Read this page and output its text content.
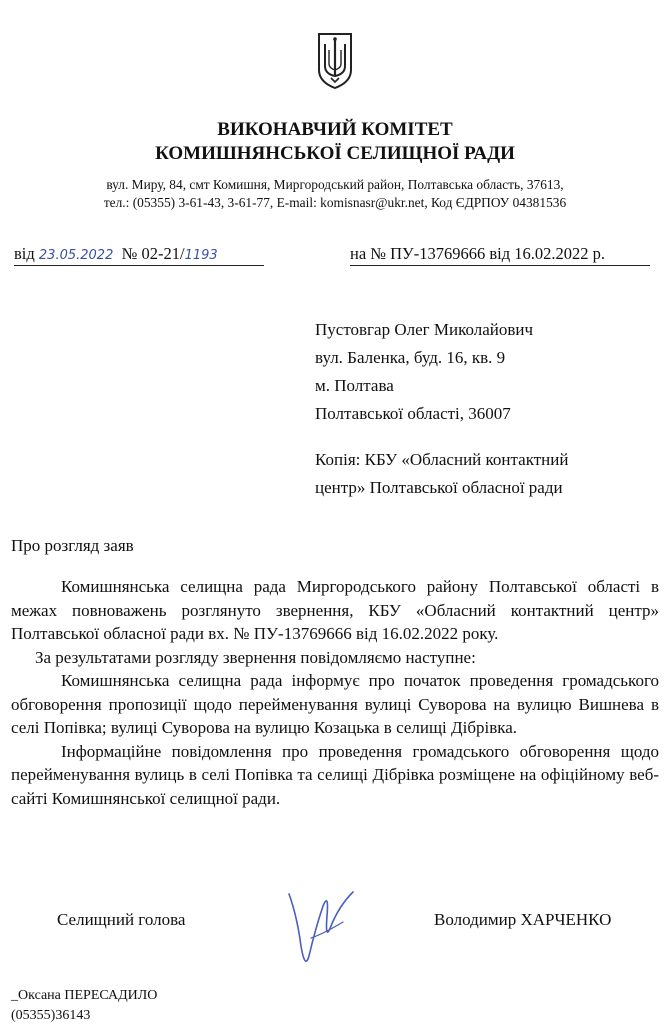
ВИКОНАВЧИЙ КОМІТЕТ
КОМИШНЯНСЬКОЇ СЕЛИЩНОЇ РАДИ
вул. Миру, 84, смт Комишня, Миргородський район, Полтавська область, 37613,
тел.: (05355) 3-61-43, 3-61-77, E-mail: komisnasr@ukr.net, Код ЄДРПОУ 04381536
від 23.05.2022 № 02-21/1193	на № ПУ-13769666 від 16.02.2022 р.
Пустовгар Олег Миколайович
вул. Баленка, буд. 16, кв. 9
м. Полтава
Полтавської області, 36007
Копія: КБУ «Обласний контактний
центр» Полтавської обласної ради
Про розгляд заяв

Комишнянська селищна рада Миргородського району Полтавської області в межах повноважень розглянуто звернення, КБУ «Обласний контактний центр» Полтавської обласної ради вх. № ПУ-13769666 від 16.02.2022 року.

За результатами розгляду звернення повідомляємо наступне:

Комишнянська селищна рада інформує про початок проведення громадського обговорення пропозиції щодо перейменування вулиці Суворова на вулицю Вишнева в селі Попівка; вулиці Суворова на вулицю Козацька в селищі Дібрівка.

Інформаційне повідомлення про проведення громадського обговорення щодо перейменування вулиць в селі Попівка та селищі Дібрівка розміщене на офіційному веб-сайті Комишнянської селищної ради.

Селищний голова	Володимир ХАРЧЕНКО
_Оксана ПЕРЕСАДИЛО
(05355)36143
